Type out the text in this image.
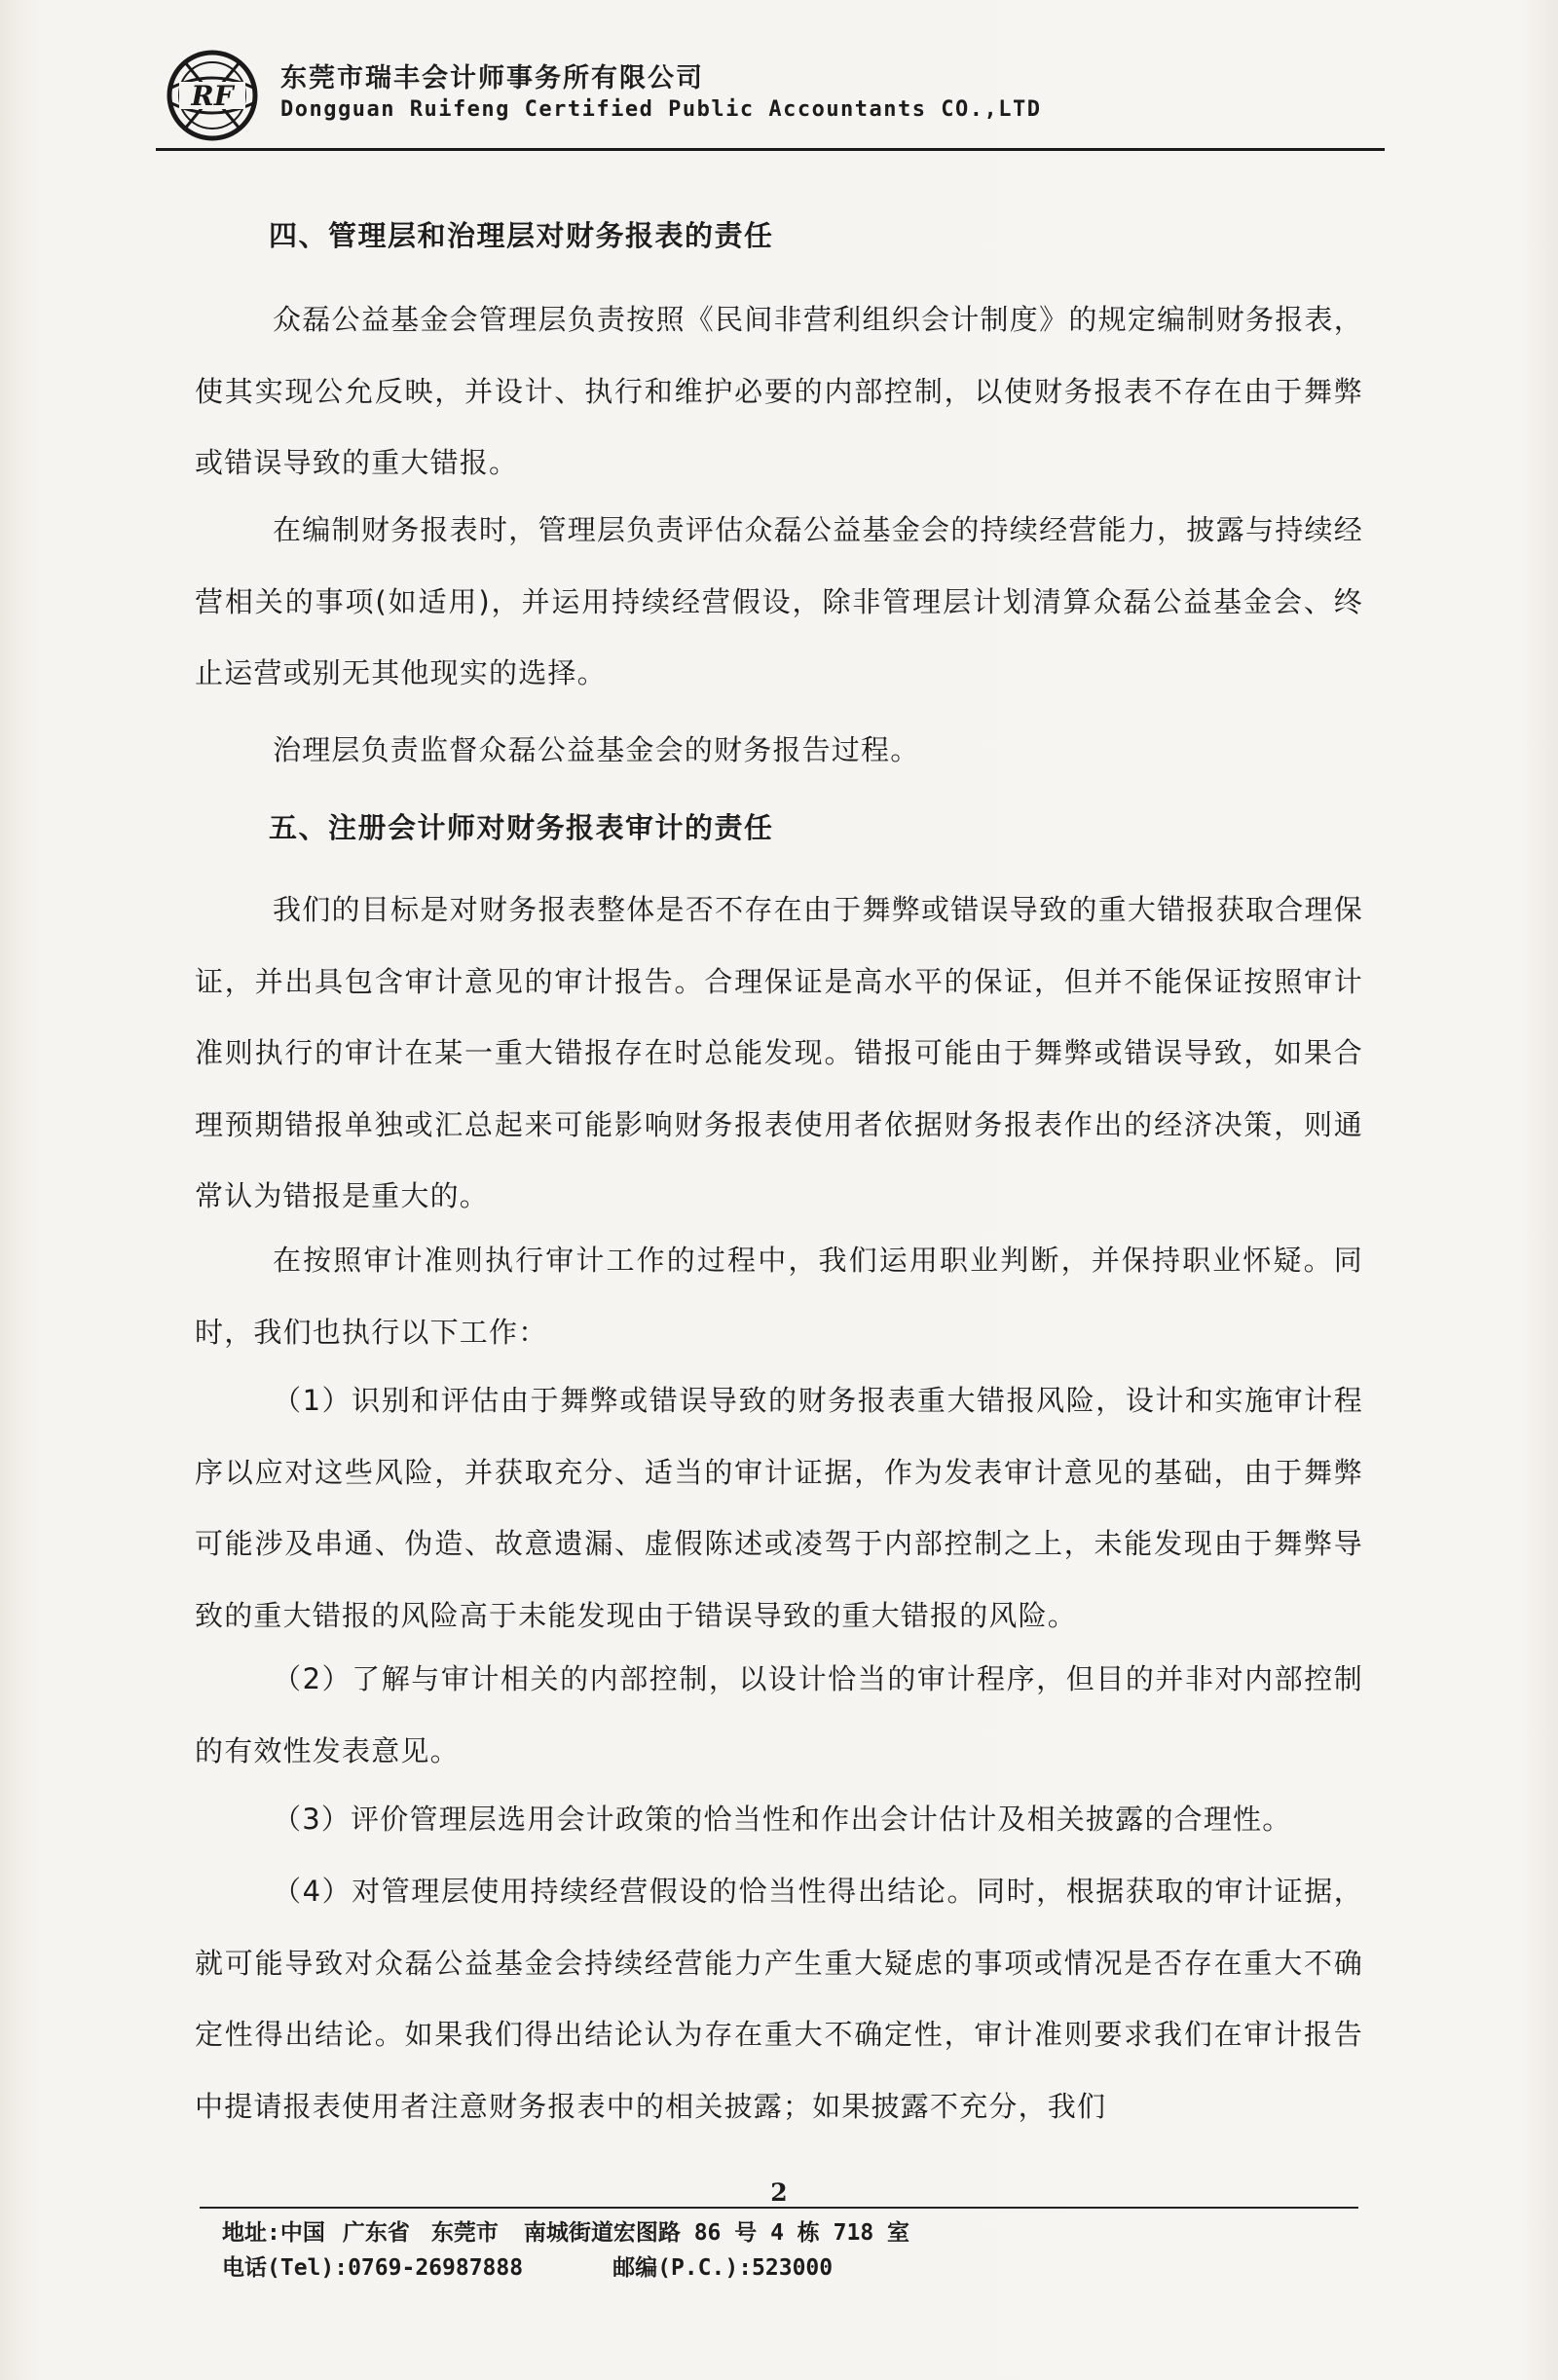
RF
东莞市瑞丰会计师事务所有限公司
Dongguan Ruifeng Certified Public Accountants CO.,LTD
四、管理层和治理层对财务报表的责任

众磊公益基金会管理层负责按照《民间非营利组织会计制度》的规定编制财务报表，使其实现公允反映，并设计、执行和维护必要的内部控制，以使财务报表不存在由于舞弊或错误导致的重大错报。

在编制财务报表时，管理层负责评估众磊公益基金会的持续经营能力，披露与持续经营相关的事项(如适用)，并运用持续经营假设，除非管理层计划清算众磊公益基金会、终止运营或别无其他现实的选择。

治理层负责监督众磊公益基金会的财务报告过程。

五、注册会计师对财务报表审计的责任

我们的目标是对财务报表整体是否不存在由于舞弊或错误导致的重大错报获取合理保证，并出具包含审计意见的审计报告。合理保证是高水平的保证，但并不能保证按照审计准则执行的审计在某一重大错报存在时总能发现。错报可能由于舞弊或错误导致，如果合理预期错报单独或汇总起来可能影响财务报表使用者依据财务报表作出的经济决策，则通常认为错报是重大的。

在按照审计准则执行审计工作的过程中，我们运用职业判断，并保持职业怀疑。同时，我们也执行以下工作：

（1）识别和评估由于舞弊或错误导致的财务报表重大错报风险，设计和实施审计程序以应对这些风险，并获取充分、适当的审计证据，作为发表审计意见的基础，由于舞弊可能涉及串通、伪造、故意遗漏、虚假陈述或凌驾于内部控制之上，未能发现由于舞弊导致的重大错报的风险高于未能发现由于错误导致的重大错报的风险。

（2）了解与审计相关的内部控制，以设计恰当的审计程序，但目的并非对内部控制的有效性发表意见。

（3）评价管理层选用会计政策的恰当性和作出会计估计及相关披露的合理性。

（4）对管理层使用持续经营假设的恰当性得出结论。同时，根据获取的审计证据，就可能导致对众磊公益基金会持续经营能力产生重大疑虑的事项或情况是否存在重大不确定性得出结论。如果我们得出结论认为存在重大不确定性，审计准则要求我们在审计报告中提请报表使用者注意财务报表中的相关披露；如果披露不充分，我们

2
地址:中国 广东省 东莞市 南城街道宏图路 86 号 4 栋 718 室
电话(Tel):0769-26987888	邮编(P.C.):523000
